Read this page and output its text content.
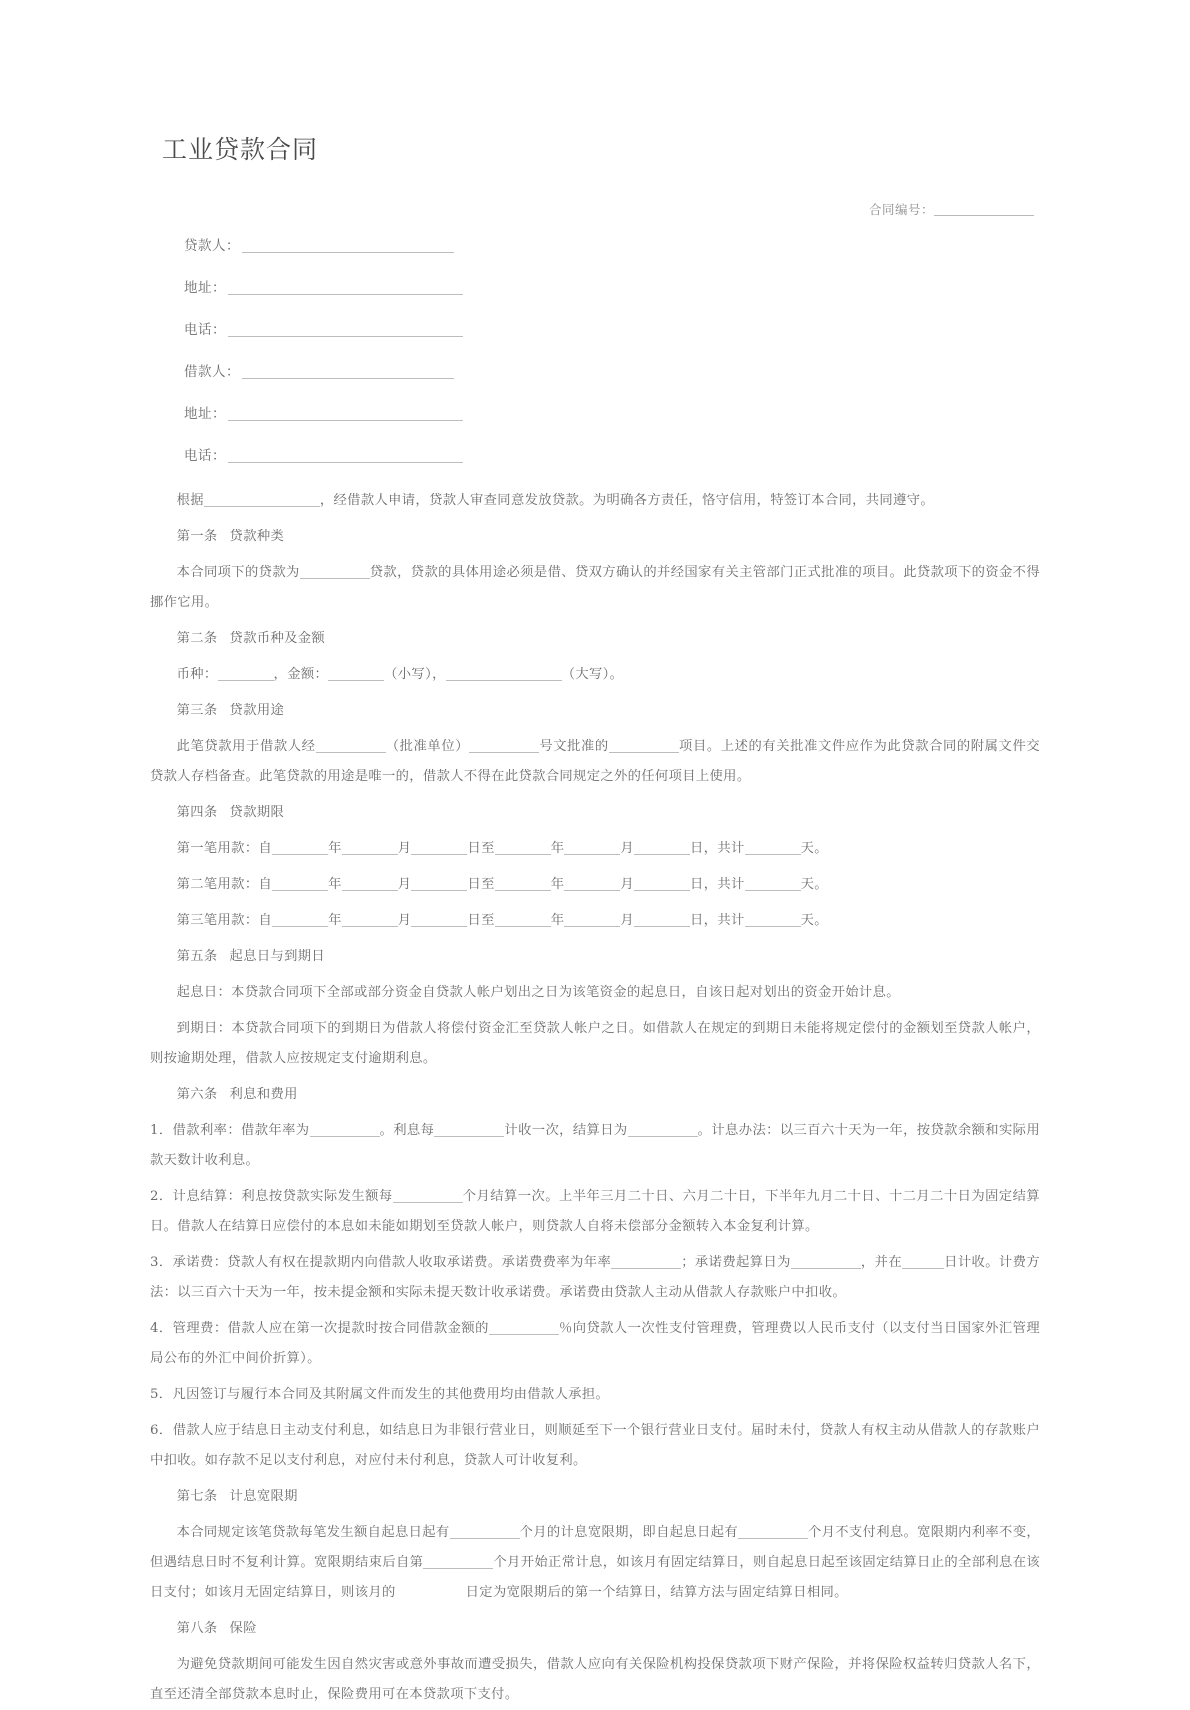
工业贷款合同
合同编号：
贷款人：
地址：
电话：
借款人：
地址：
电话：

根据	，经借款人申请，贷款人审查同意发放贷款。为明确各方责任，恪守信用，特签订本合同，共同遵守。

第一条 贷款种类

本合同项下的贷款为	贷款，贷款的具体用途必须是借、贷双方确认的并经国家有关主管部门正式批准的项目。此贷款项下的资金不得挪作它用。

第二条 贷款币种及金额

币种：	，金额：	（小写），	（大写）。

第三条 贷款用途

此笔贷款用于借款人经	（批准单位）	号文批准的	项目。上述的有关批准文件应作为此贷款合同的附属文件交贷款人存档备查。此笔贷款的用途是唯一的，借款人不得在此贷款合同规定之外的任何项目上使用。

第四条 贷款期限

第一笔用款：自	年	月	日至	年	月	日，共计	天。

第二笔用款：自	年	月	日至	年	月	日，共计	天。

第三笔用款：自	年	月	日至	年	月	日，共计	天。

第五条 起息日与到期日

起息日：本贷款合同项下全部或部分资金自贷款人帐户划出之日为该笔资金的起息日，自该日起对划出的资金开始计息。

到期日：本贷款合同项下的到期日为借款人将偿付资金汇至贷款人帐户之日。如借款人在规定的到期日未能将规定偿付的金额划至贷款人帐户，则按逾期处理，借款人应按规定支付逾期利息。

第六条 利息和费用

1．借款利率：借款年率为	。利息每	计收一次，结算日为	。计息办法：以三百六十天为一年，按贷款余额和实际用款天数计收利息。

2．计息结算：利息按贷款实际发生额每	个月结算一次。上半年三月二十日、六月二十日，下半年九月二十日、十二月二十日为固定结算日。借款人在结算日应偿付的本息如未能如期划至贷款人帐户，则贷款人自将未偿部分金额转入本金复利计算。

3．承诺费：贷款人有权在提款期内向借款人收取承诺费。承诺费费率为年率	；承诺费起算日为	，并在	日计收。计费方法：以三百六十天为一年，按未提金额和实际未提天数计收承诺费。承诺费由贷款人主动从借款人存款账户中扣收。

4．管理费：借款人应在第一次提款时按合同借款金额的	％向贷款人一次性支付管理费，管理费以人民币支付（以支付当日国家外汇管理局公布的外汇中间价折算）。

5．凡因签订与履行本合同及其附属文件而发生的其他费用均由借款人承担。

6．借款人应于结息日主动支付利息，如结息日为非银行营业日，则顺延至下一个银行营业日支付。届时未付，贷款人有权主动从借款人的存款账户中扣收。如存款不足以支付利息，对应付未付利息，贷款人可计收复利。

第七条 计息宽限期

本合同规定该笔贷款每笔发生额自起息日起有	个月的计息宽限期，即自起息日起有	个月不支付利息。宽限期内利率不变，但遇结息日时不复利计算。宽限期结束后自第	个月开始正常计息，如该月有固定结算日，则自起息日起至该固定结算日止的全部利息在该日支付；如该月无固定结算日，则该月的	日定为宽限期后的第一个结算日，结算方法与固定结算日相同。

第八条 保险

为避免贷款期间可能发生因自然灾害或意外事故而遭受损失，借款人应向有关保险机构投保贷款项下财产保险，并将保险权益转归贷款人名下，直至还清全部贷款本息时止，保险费用可在本贷款项下支付。
